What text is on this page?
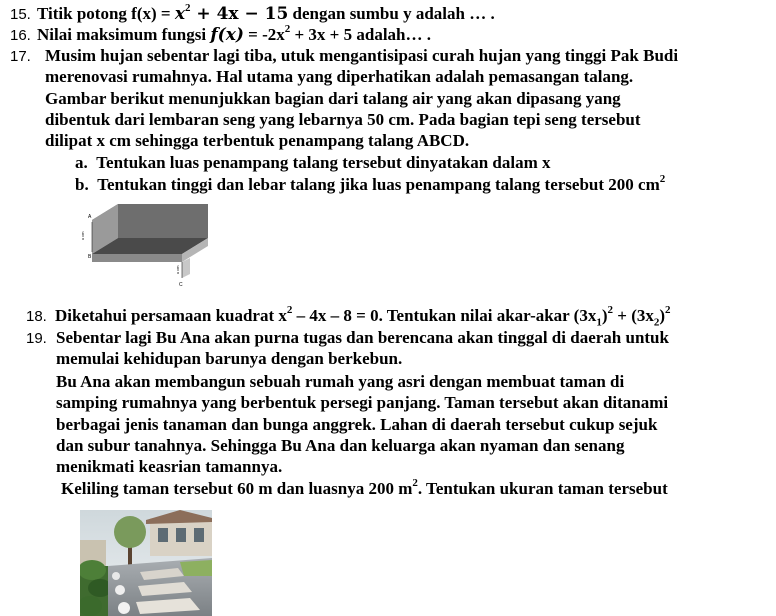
15. Titik potong $f(x) = x^2 + 4x - 15$ dengan sumbu y adalah … .
16. Nilai maksimum fungsi $f(x) = -2x^2 + 3x + 5$ adalah… .
17. Musim hujan sebentar lagi tiba, utuk mengantisipasi curah hujan yang tinggi Pak Budi
merenovasi rumahnya. Hal utama yang diperhatikan adalah pemasangan talang.
Gambar berikut menunjukkan bagian dari talang air yang akan dipasang yang
dibentuk dari lembaran seng yang lebarnya 50 cm. Pada bagian tepi seng tersebut
dilipat x cm sehingga terbentuk penampang talang ABCD.
a. Tentukan luas penampang talang tersebut dinyatakan dalam x
b. Tentukan tinggi dan lebar talang jika luas penampang talang tersebut 200 $cm^2$
A
B
C
x cm
x cm
18. Diketahui persamaan kuadrat $x^2 - 4x - 8 = 0$. Tentukan nilai akar-akar $(3x_1)^2 + (3x_2)^2$
19. Sebentar lagi Bu Ana akan purna tugas dan berencana akan tinggal di daerah untuk
memulai kehidupan barunya dengan berkebun.
Bu Ana akan membangun sebuah rumah yang asri dengan membuat taman di
samping rumahnya yang berbentuk persegi panjang. Taman tersebut akan ditanami
berbagai jenis tanaman dan bunga anggrek. Lahan di daerah tersebut cukup sejuk
dan subur tanahnya. Sehingga Bu Ana dan keluarga akan nyaman dan senang
menikmati keasrian tamannya.
Keliling taman tersebut 60 m dan luasnya 200 $m^2$. Tentukan ukuran taman tersebut
